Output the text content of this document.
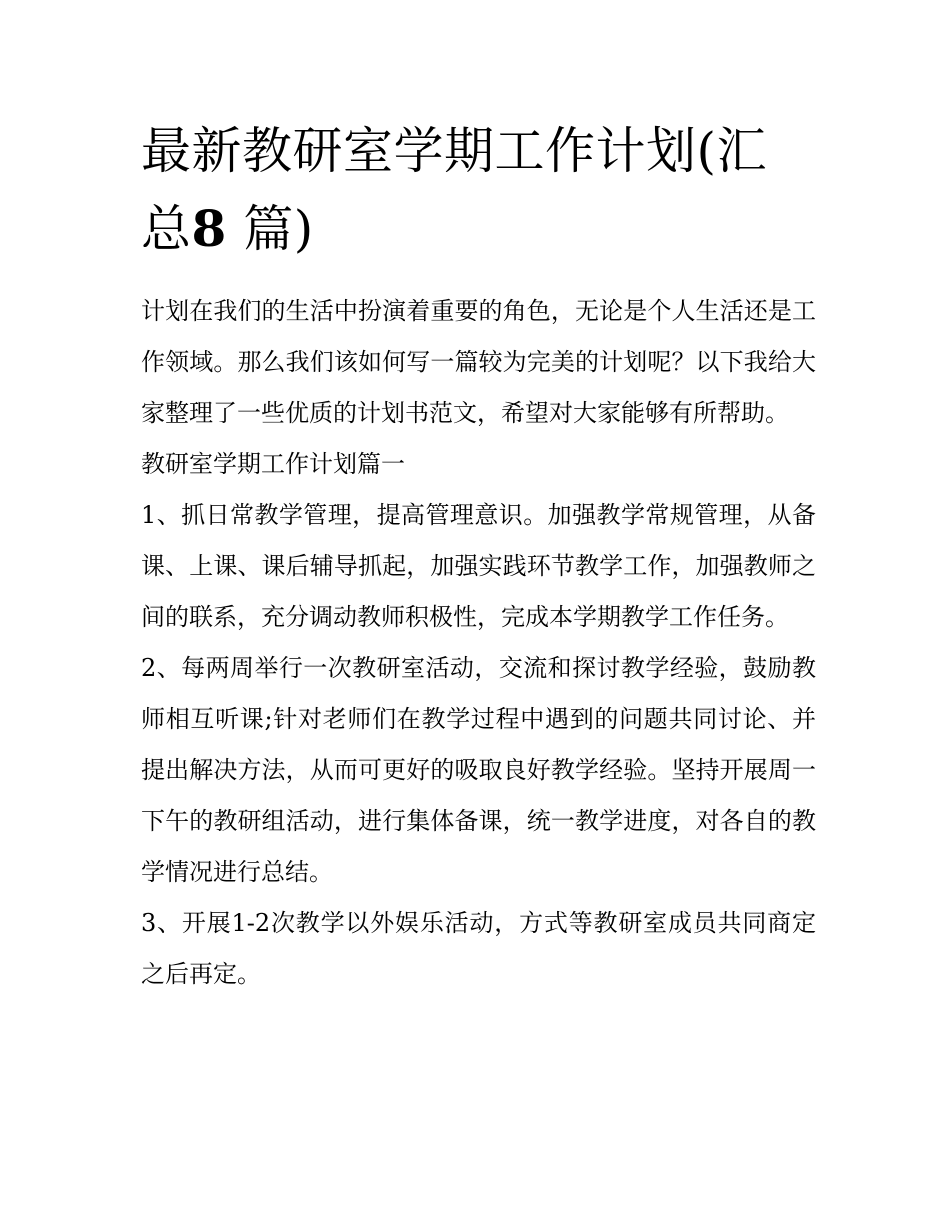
最新教研室学期工作计划(汇总8 篇)

计划在我们的生活中扮演着重要的角色，无论是个人生活还是工作领域。那么我们该如何写一篇较为完美的计划呢？以下我给大家整理了一些优质的计划书范文，希望对大家能够有所帮助。

教研室学期工作计划篇一

1、抓日常教学管理，提高管理意识。加强教学常规管理，从备课、上课、课后辅导抓起，加强实践环节教学工作，加强教师之间的联系，充分调动教师积极性，完成本学期教学工作任务。

2、每两周举行一次教研室活动，交流和探讨教学经验，鼓励教师相互听课;针对老师们在教学过程中遇到的问题共同讨论、并提出解决方法，从而可更好的吸取良好教学经验。坚持开展周一下午的教研组活动，进行集体备课，统一教学进度，对各自的教学情况进行总结。

3、开展1-2次教学以外娱乐活动，方式等教研室成员共同商定之后再定。
